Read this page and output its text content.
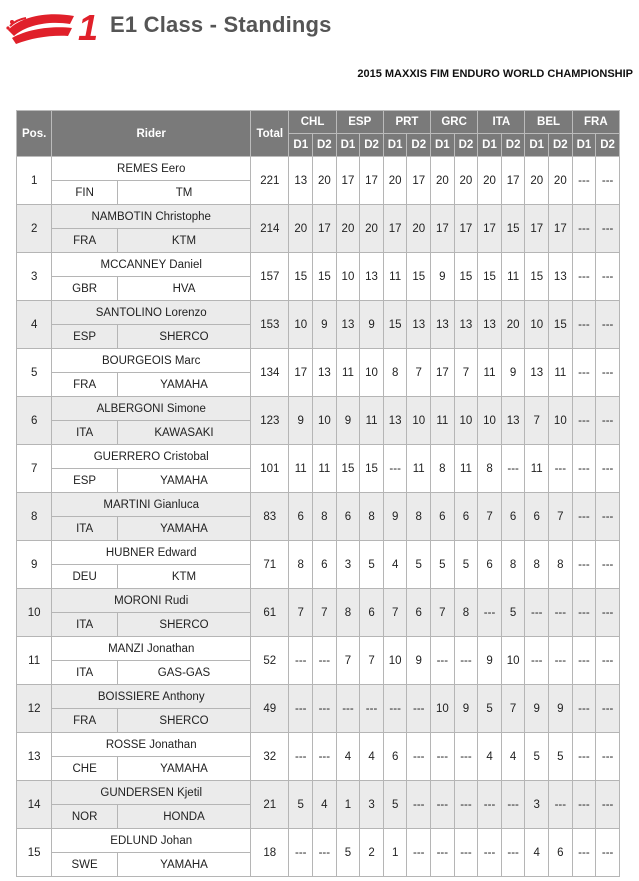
1 E1 Class - Standings
2015 MAXXIS FIM ENDURO WORLD CHAMPIONSHIP
Pos.	Rider		Total	CHL		ESP		PRT		GRC		ITA		BEL		FRA	
				D1	D2	D1	D2	D1	D2	D1	D2	D1	D2	D1	D2	D1	D2
1	REMES Eero		221	13	20	17	17	20	17	20	20	20	17	20	20	---	---
	FIN	TM															
2	NAMBOTIN Christophe		214	20	17	20	20	17	20	17	17	17	15	17	17	---	---
	FRA	KTM															
3	MCCANNEY Daniel		157	15	15	10	13	11	15	9	15	15	11	15	13	---	---
	GBR	HVA															
4	SANTOLINO Lorenzo		153	10	9	13	9	15	13	13	13	13	20	10	15	---	---
	ESP	SHERCO															
5	BOURGEOIS Marc		134	17	13	11	10	8	7	17	7	11	9	13	11	---	---
	FRA	YAMAHA															
6	ALBERGONI Simone		123	9	10	9	11	13	10	11	10	10	13	7	10	---	---
	ITA	KAWASAKI															
7	GUERRERO Cristobal		101	11	11	15	15	---	11	8	11	8	---	11	---	---	---
	ESP	YAMAHA															
8	MARTINI Gianluca		83	6	8	6	8	9	8	6	6	7	6	6	7	---	---
	ITA	YAMAHA															
9	HUBNER Edward		71	8	6	3	5	4	5	5	5	6	8	8	8	---	---
	DEU	KTM															
10	MORONI Rudi		61	7	7	8	6	7	6	7	8	---	5	---	---	---	---
	ITA	SHERCO															
11	MANZI Jonathan		52	---	---	7	7	10	9	---	---	9	10	---	---	---	---
	ITA	GAS-GAS															
12	BOISSIERE Anthony		49	---	---	---	---	---	---	10	9	5	7	9	9	---	---
	FRA	SHERCO															
13	ROSSE Jonathan		32	---	---	4	4	6	---	---	---	4	4	5	5	---	---
	CHE	YAMAHA															
14	GUNDERSEN Kjetil		21	5	4	1	3	5	---	---	---	---	---	3	---	---	---
	NOR	HONDA															
15	EDLUND Johan		18	---	---	5	2	1	---	---	---	---	---	4	6	---	---
	SWE	YAMAHA															
